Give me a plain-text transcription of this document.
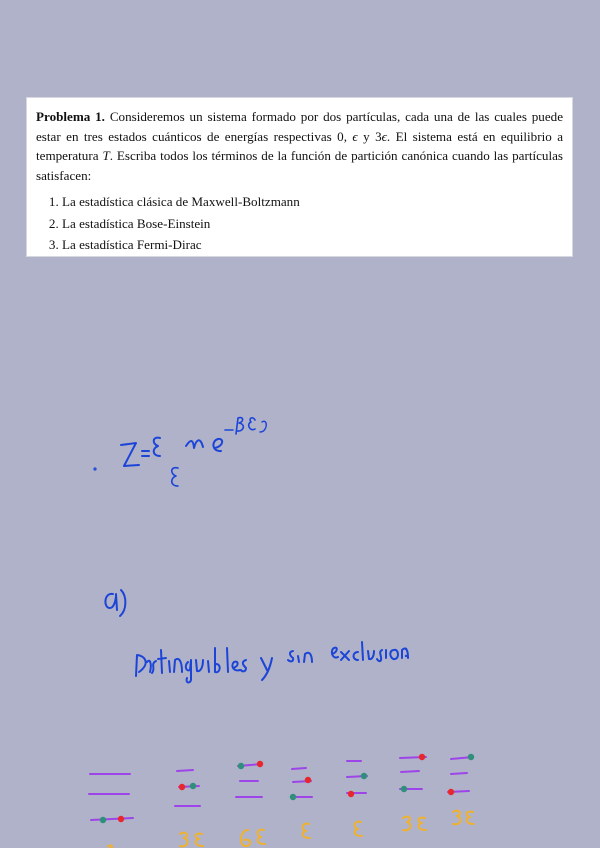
Problema 1. Consideremos un sistema formado por dos partículas, cada una de las cuales puede estar en tres estados cuánticos de energías respectivas 0, ϵ y 3ϵ. El sistema está en equilibrio a temperatura T. Escriba todos los términos de la función de partición canónica cuando las partículas satisfacen:
1. La estadística clásica de Maxwell-Boltzmann
2. La estadística Bose-Einstein
3. La estadística Fermi-Dirac
